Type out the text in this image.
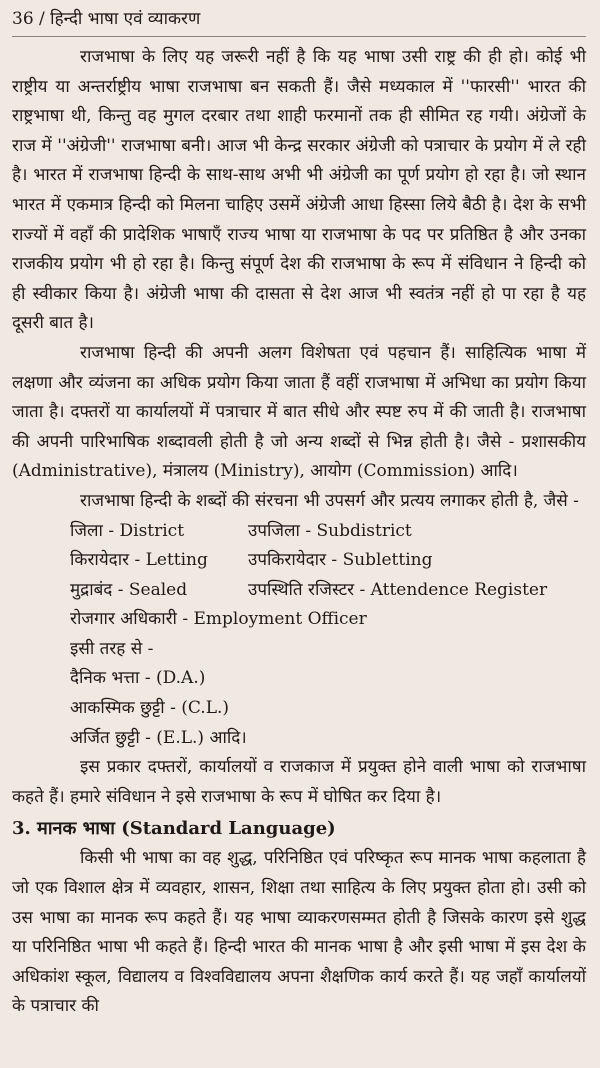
36 / हिन्दी भाषा एवं व्याकरण

राजभाषा के लिए यह जरूरी नहीं है कि यह भाषा उसी राष्ट्र की ही हो। कोई भी राष्ट्रीय या अन्तर्राष्ट्रीय भाषा राजभाषा बन सकती हैं। जैसे मध्यकाल में ''फारसी'' भारत की राष्ट्रभाषा थी, किन्तु वह मुगल दरबार तथा शाही फरमानों तक ही सीमित रह गयी। अंग्रेजों के राज में ''अंग्रेजी'' राजभाषा बनी। आज भी केन्द्र सरकार अंग्रेजी को पत्राचार के प्रयोग में ले रही है। भारत में राजभाषा हिन्दी के साथ-साथ अभी भी अंग्रेजी का पूर्ण प्रयोग हो रहा है। जो स्थान भारत में एकमात्र हिन्दी को मिलना चाहिए उसमें अंग्रेजी आधा हिस्सा लिये बैठी है। देश के सभी राज्यों में वहाँ की प्रादेशिक भाषाएँ राज्य भाषा या राजभाषा के पद पर प्रतिष्ठित है और उनका राजकीय प्रयोग भी हो रहा है। किन्तु संपूर्ण देश की राजभाषा के रूप में संविधान ने हिन्दी को ही स्वीकार किया है। अंग्रेजी भाषा की दासता से देश आज भी स्वतंत्र नहीं हो पा रहा है यह दूसरी बात है।

राजभाषा हिन्दी की अपनी अलग विशेषता एवं पहचान हैं। साहित्यिक भाषा में लक्षणा और व्यंजना का अधिक प्रयोग किया जाता हैं वहीं राजभाषा में अभिधा का प्रयोग किया जाता है। दफ्तरों या कार्यालयों में पत्राचार में बात सीधे और स्पष्ट रुप में की जाती है। राजभाषा की अपनी पारिभाषिक शब्दावली होती है जो अन्य शब्दों से भिन्न होती है। जैसे - प्रशासकीय (Administrative), मंत्रालय (Ministry), आयोग (Commission) आदि।

राजभाषा हिन्दी के शब्दों की संरचना भी उपसर्ग और प्रत्यय लगाकर होती है, जैसे -

जिला - District	उपजिला - Subdistrict
किरायेदार - Letting	उपकिरायेदार - Subletting
मुद्राबंद - Sealed	उपस्थिति रजिस्टर - Attendence Register
रोजगार अधिकारी - Employment Officer
इसी तरह से -
दैनिक भत्ता - (D.A.)
आकस्मिक छुट्टी - (C.L.)
अर्जित छुट्टी - (E.L.) आदि।

इस प्रकार दफ्तरों, कार्यालयों व राजकाज में प्रयुक्त होने वाली भाषा को राजभाषा कहते हैं। हमारे संविधान ने इसे राजभाषा के रूप में घोषित कर दिया है।

3. मानक भाषा (Standard Language)

किसी भी भाषा का वह शुद्ध, परिनिष्ठित एवं परिष्कृत रूप मानक भाषा कहलाता है जो एक विशाल क्षेत्र में व्यवहार, शासन, शिक्षा तथा साहित्य के लिए प्रयुक्त होता हो। उसी को उस भाषा का मानक रूप कहते हैं। यह भाषा व्याकरणसम्मत होती है जिसके कारण इसे शुद्ध या परिनिष्ठित भाषा भी कहते हैं। हिन्दी भारत की मानक भाषा है और इसी भाषा में इस देश के अधिकांश स्कूल, विद्यालय व विश्वविद्यालय अपना शैक्षणिक कार्य करते हैं। यह जहाँ कार्यालयों के पत्राचार की
